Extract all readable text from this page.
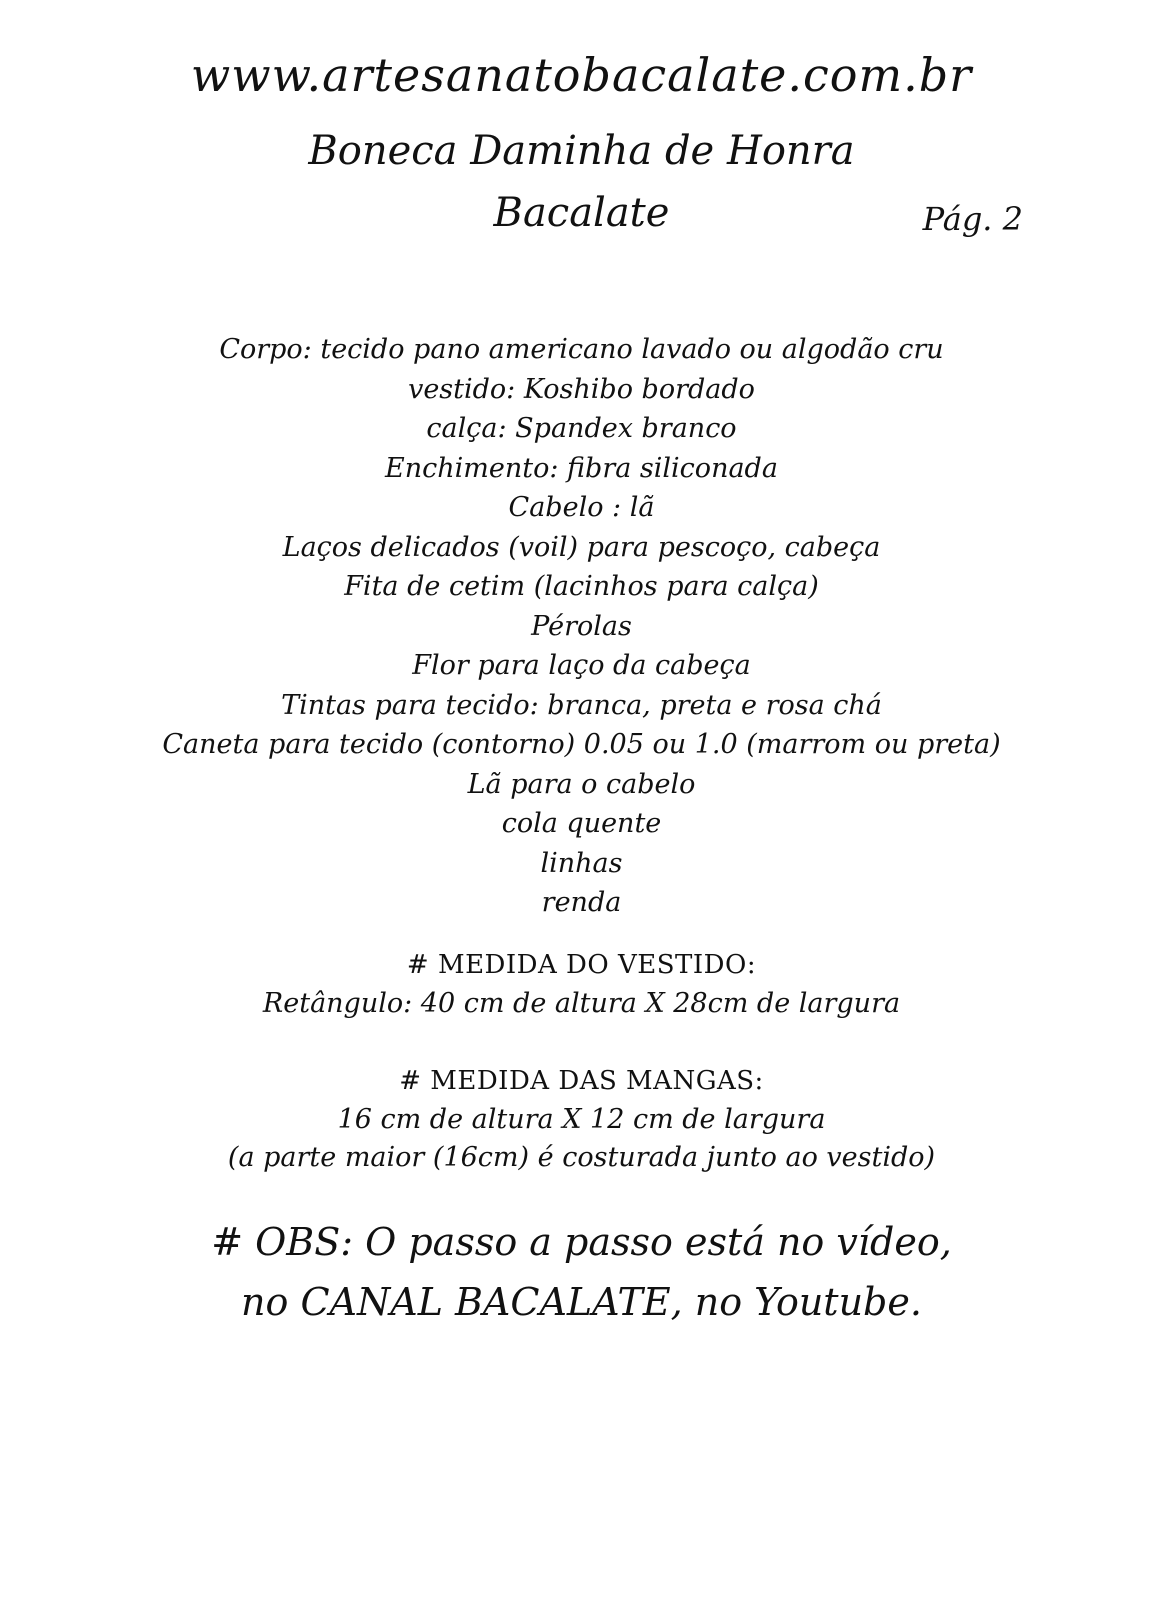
www.artesanatobacalate.com.br
Boneca Daminha de Honra
Bacalate	Pág. 2
Corpo: tecido pano americano lavado ou algodão cru
vestido: Koshibo bordado
calça: Spandex branco
Enchimento: fibra siliconada
Cabelo : lã
Laços delicados (voil) para pescoço, cabeça
Fita de cetim (lacinhos para calça)
Pérolas
Flor para laço da cabeça
Tintas para tecido: branca, preta e rosa chá
Caneta para tecido (contorno) 0.05 ou 1.0 (marrom ou preta)
Lã para o cabelo
cola quente
linhas
renda
# MEDIDA DO VESTIDO:
Retângulo: 40 cm de altura X 28cm de largura
# MEDIDA DAS MANGAS:
16 cm de altura X 12 cm de largura
(a parte maior (16cm) é costurada junto ao vestido)
# OBS: O passo a passo está no vídeo,
no CANAL BACALATE, no Youtube.
